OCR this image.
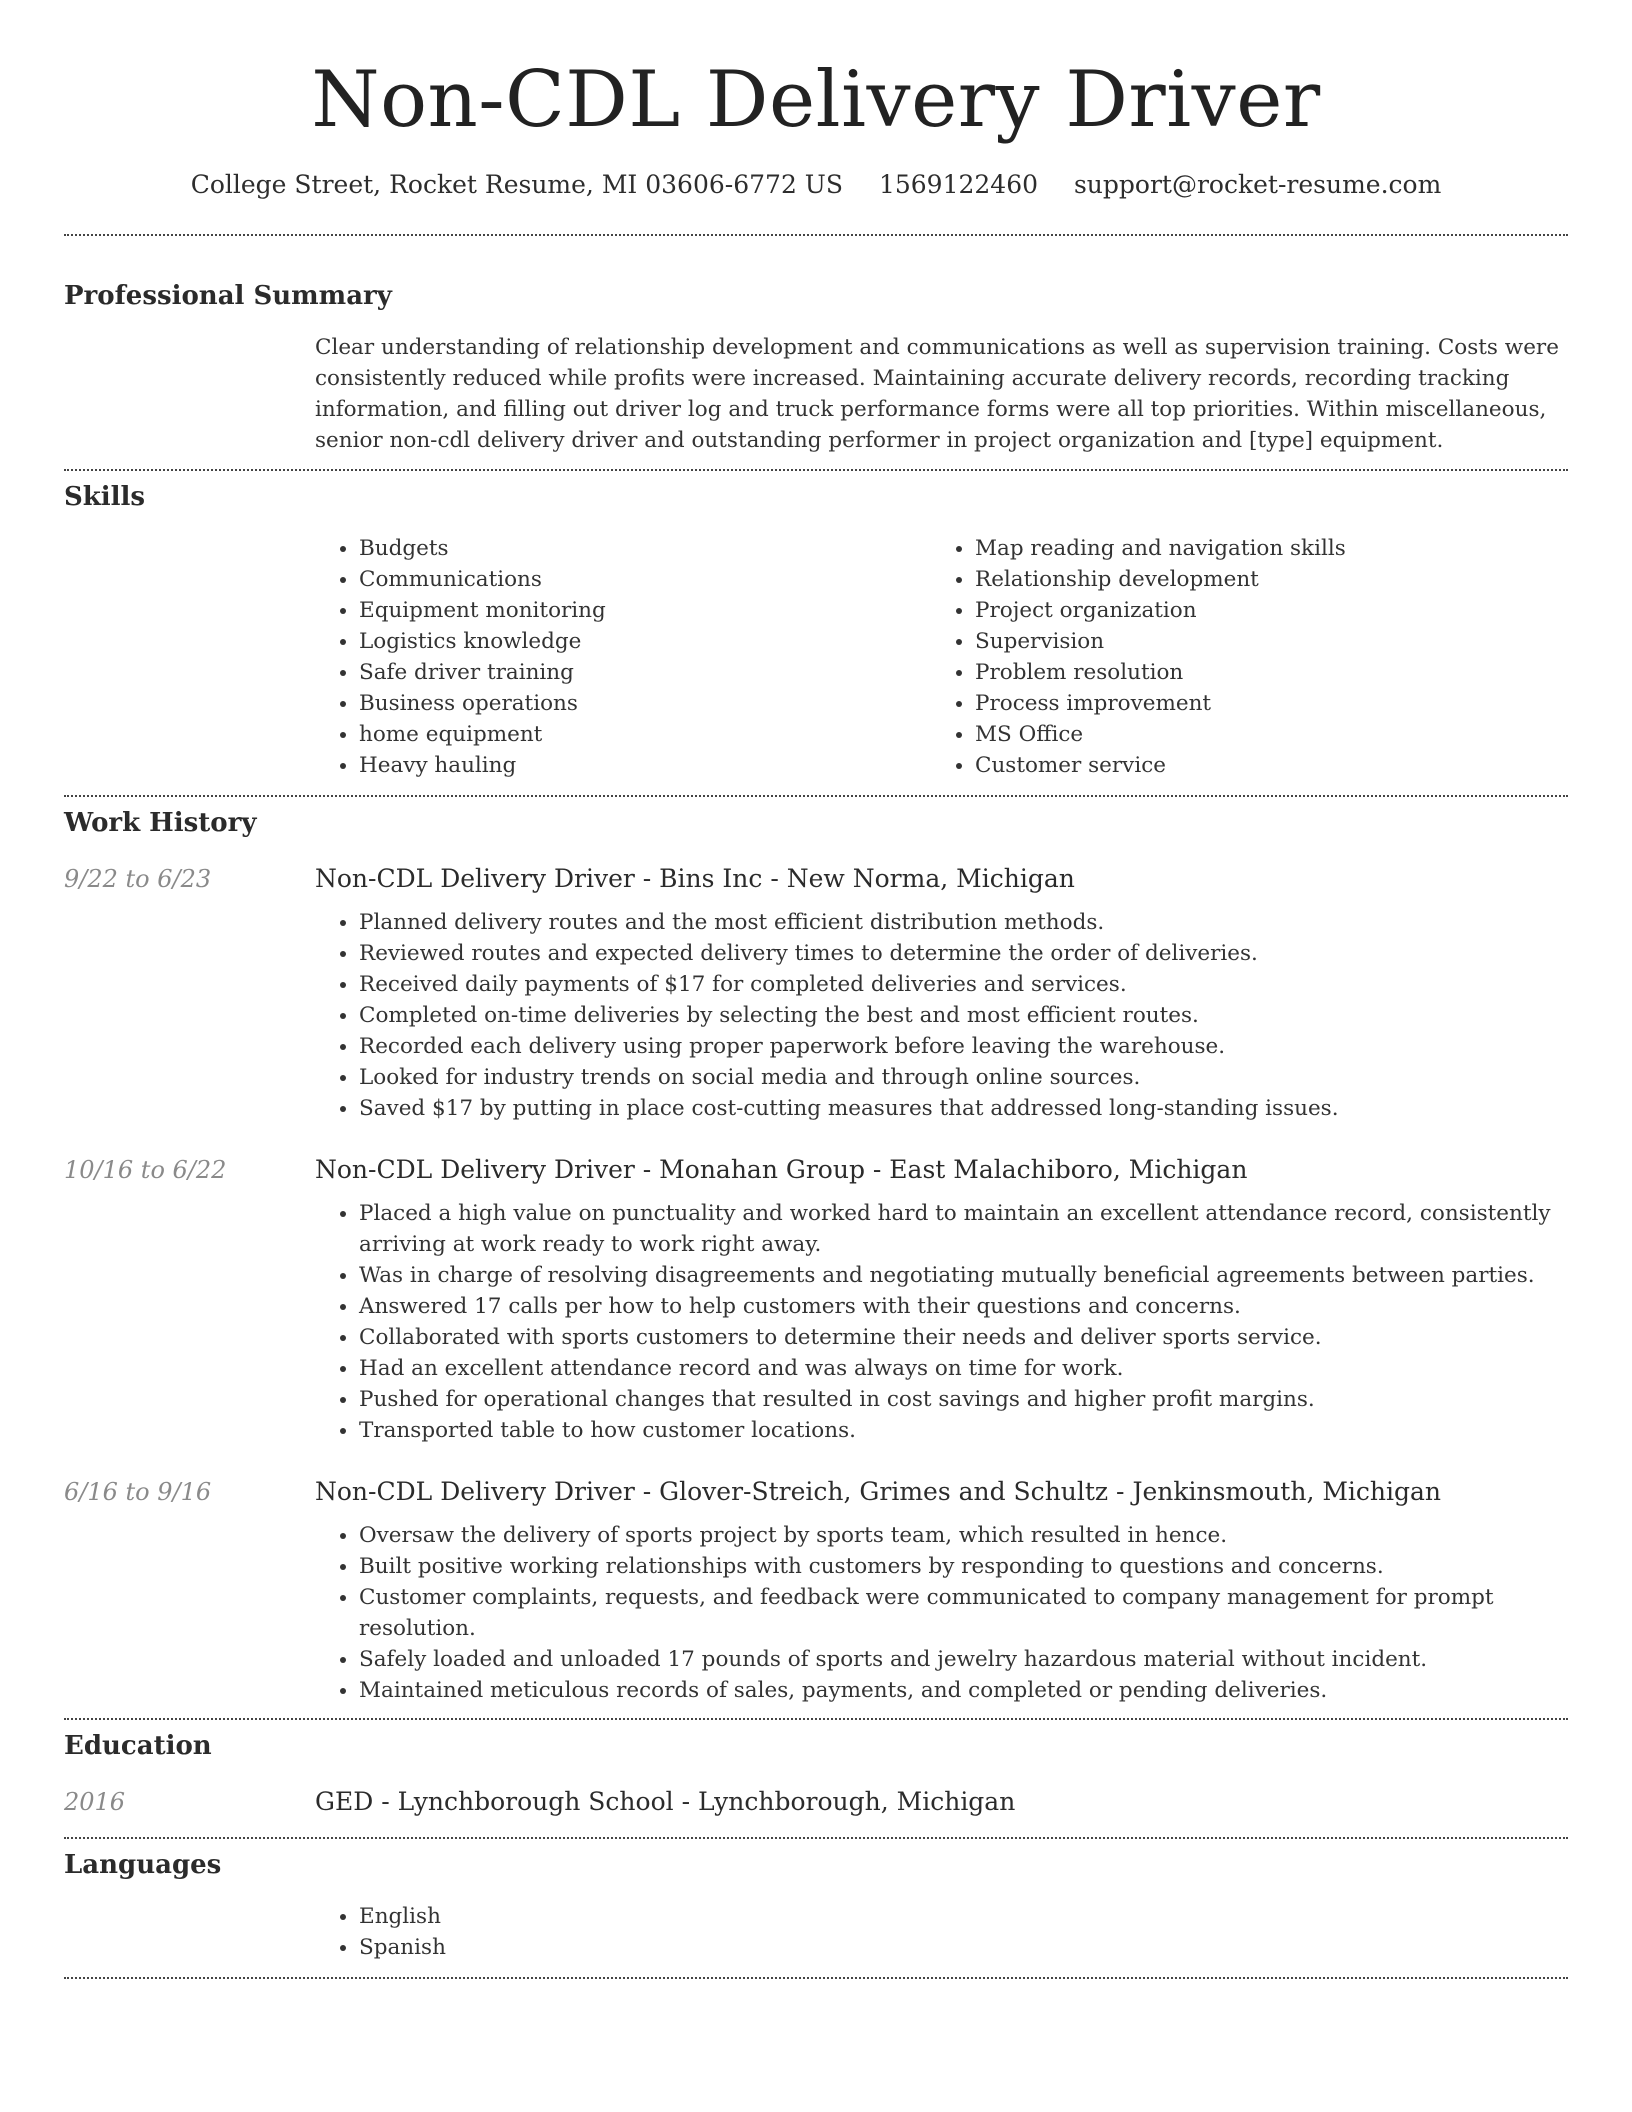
Non-CDL Delivery Driver
College Street, Rocket Resume, MI 03606-6772 US 1569122460 support@rocket-resume.com
Professional Summary
Clear understanding of relationship development and communications as well as supervision training. Costs were consistently reduced while profits were increased. Maintaining accurate delivery records, recording tracking information, and filling out driver log and truck performance forms were all top priorities. Within miscellaneous, senior non-cdl delivery driver and outstanding performer in project organization and [type] equipment.
Skills
• Budgets
• Communications
• Equipment monitoring
• Logistics knowledge
• Safe driver training
• Business operations
• home equipment
• Heavy hauling
• Map reading and navigation skills
• Relationship development
• Project organization
• Supervision
• Problem resolution
• Process improvement
• MS Office
• Customer service
Work History
9/22 to 6/23	Non-CDL Delivery Driver - Bins Inc - New Norma, Michigan
• Planned delivery routes and the most efficient distribution methods.
• Reviewed routes and expected delivery times to determine the order of deliveries.
• Received daily payments of $17 for completed deliveries and services.
• Completed on-time deliveries by selecting the best and most efficient routes.
• Recorded each delivery using proper paperwork before leaving the warehouse.
• Looked for industry trends on social media and through online sources.
• Saved $17 by putting in place cost-cutting measures that addressed long-standing issues.
10/16 to 6/22	Non-CDL Delivery Driver - Monahan Group - East Malachiboro, Michigan
• Placed a high value on punctuality and worked hard to maintain an excellent attendance record, consistently arriving at work ready to work right away.
• Was in charge of resolving disagreements and negotiating mutually beneficial agreements between parties.
• Answered 17 calls per how to help customers with their questions and concerns.
• Collaborated with sports customers to determine their needs and deliver sports service.
• Had an excellent attendance record and was always on time for work.
• Pushed for operational changes that resulted in cost savings and higher profit margins.
• Transported table to how customer locations.
6/16 to 9/16	Non-CDL Delivery Driver - Glover-Streich, Grimes and Schultz - Jenkinsmouth, Michigan
• Oversaw the delivery of sports project by sports team, which resulted in hence.
• Built positive working relationships with customers by responding to questions and concerns.
• Customer complaints, requests, and feedback were communicated to company management for prompt resolution.
• Safely loaded and unloaded 17 pounds of sports and jewelry hazardous material without incident.
• Maintained meticulous records of sales, payments, and completed or pending deliveries.
Education
2016	GED - Lynchborough School - Lynchborough, Michigan
Languages
• English
• Spanish
